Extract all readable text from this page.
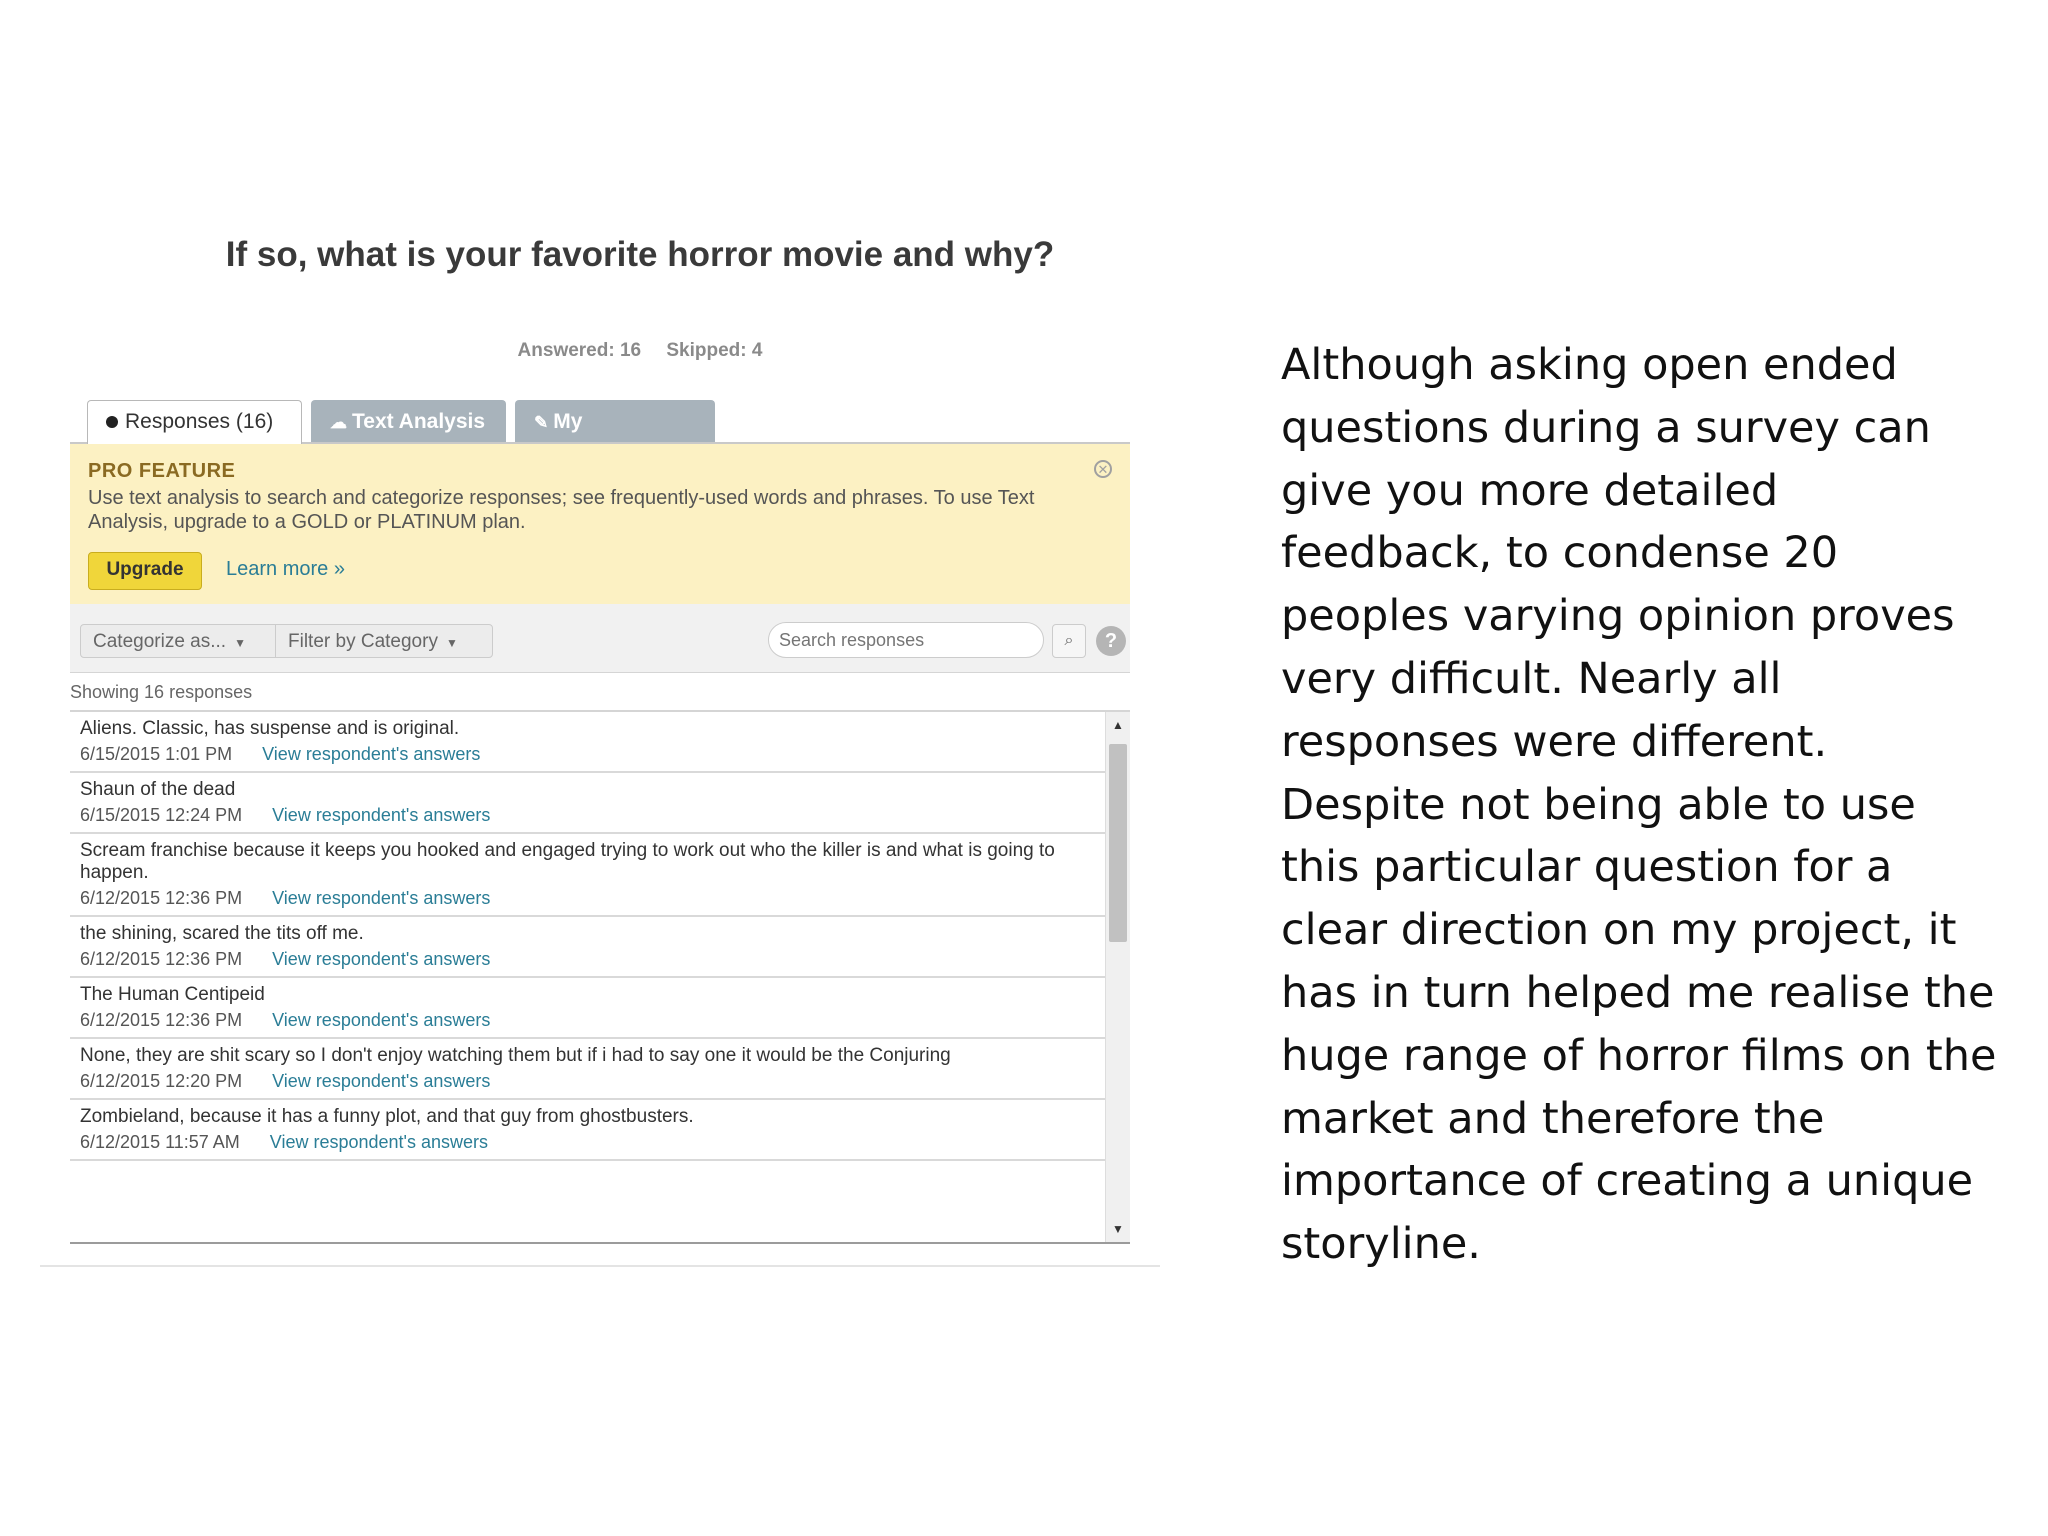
If so, what is your favorite horror movie and why?
Answered: 16 Skipped: 4
Responses (16)	☁ Text Analysis	✎ My
PRO FEATURE
Use text analysis to search and categorize responses; see frequently-used words and phrases. To use Text Analysis, upgrade to a GOLD or PLATINUM plan.
✕
Upgrade	Learn more »
Categorize as... ▼	Filter by Category ▼
Search responses	⌕	?
Showing 16 responses
Aliens. Classic, has suspense and is original.
6/15/2015 1:01 PM View respondent's answers
Shaun of the dead
6/15/2015 12:24 PM View respondent's answers
Scream franchise because it keeps you hooked and engaged trying to work out who the killer is and what is going to happen.
6/12/2015 12:36 PM View respondent's answers
the shining, scared the tits off me.
6/12/2015 12:36 PM View respondent's answers
The Human Centipeid
6/12/2015 12:36 PM View respondent's answers
None, they are shit scary so I don't enjoy watching them but if i had to say one it would be the Conjuring
6/12/2015 12:20 PM View respondent's answers
Zombieland, because it has a funny plot, and that guy from ghostbusters.
6/12/2015 11:57 AM View respondent's answers
▲
▼
Although asking open ended questions during a survey can give you more detailed feedback, to condense 20 peoples varying opinion proves very difficult. Nearly all responses were different. Despite not being able to use this particular question for a clear direction on my project, it has in turn helped me realise the huge range of horror films on the market and therefore the importance of creating a unique storyline.
